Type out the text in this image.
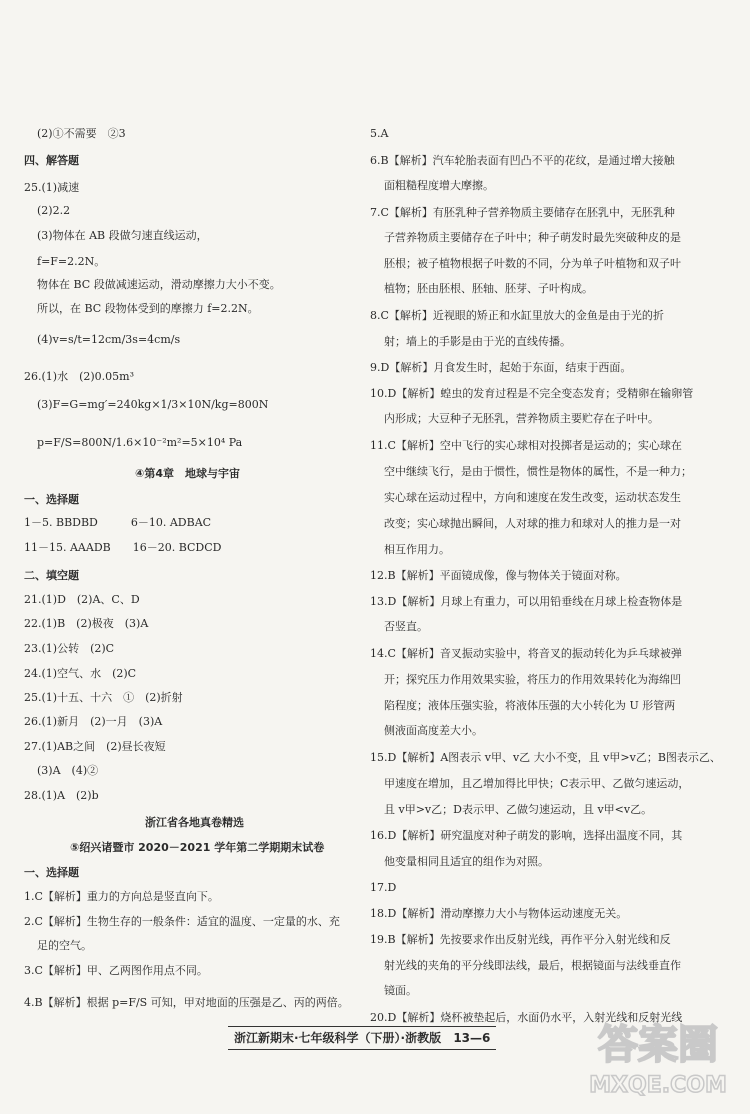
(2)①不需要　②3
四、解答题
25.(1)减速
(2)2.2
(3)物体在 AB 段做匀速直线运动，
f=F=2.2N。
物体在 BC 段做减速运动，滑动摩擦力大小不变。
所以，在 BC 段物体受到的摩擦力 f=2.2N。
(4)v=s/t=12cm/3s=4cm/s
26.(1)水　(2)0.05m³
(3)F=G=mg′=240kg×1/3×10N/kg=800N
p=F/S=800N/1.6×10⁻²m²=5×10⁴ Pa
④第4章　地球与宇宙
一、选择题
1－5. BBDBD　　　6－10. ADBAC
11－15. AAADB　　16－20. BCDCD
二、填空题
21.(1)D　(2)A、C、D
22.(1)B　(2)极夜　(3)A
23.(1)公转　(2)C
24.(1)空气、水　(2)C
25.(1)十五、十六　①　(2)折射
26.(1)新月　(2)一月　(3)A
27.(1)AB之间　(2)昼长夜短
(3)A　(4)②
28.(1)A　(2)b
浙江省各地真卷精选
⑤绍兴诸暨市 2020－2021 学年第二学期期末试卷
一、选择题
1.C【解析】重力的方向总是竖直向下。
2.C【解析】生物生存的一般条件：适宜的温度、一定量的水、充
足的空气。
3.C【解析】甲、乙两图作用点不同。
4.B【解析】根据 p=F/S 可知，甲对地面的压强是乙、丙的两倍。
5.A
6.B【解析】汽车轮胎表面有凹凸不平的花纹，是通过增大接触
面粗糙程度增大摩擦。
7.C【解析】有胚乳种子营养物质主要储存在胚乳中，无胚乳种
子营养物质主要储存在子叶中；种子萌发时最先突破种皮的是
胚根；被子植物根据子叶数的不同，分为单子叶植物和双子叶
植物；胚由胚根、胚轴、胚芽、子叶构成。
8.C【解析】近视眼的矫正和水缸里放大的金鱼是由于光的折
射；墙上的手影是由于光的直线传播。
9.D【解析】月食发生时，起始于东面，结束于西面。
10.D【解析】蝗虫的发育过程是不完全变态发育；受精卵在输卵管
内形成；大豆种子无胚乳，营养物质主要贮存在子叶中。
11.C【解析】空中飞行的实心球相对投掷者是运动的；实心球在
空中继续飞行，是由于惯性，惯性是物体的属性，不是一种力；
实心球在运动过程中，方向和速度在发生改变，运动状态发生
改变；实心球抛出瞬间，人对球的推力和球对人的推力是一对
相互作用力。
12.B【解析】平面镜成像，像与物体关于镜面对称。
13.D【解析】月球上有重力，可以用铅垂线在月球上检查物体是
否竖直。
14.C【解析】音叉振动实验中，将音叉的振动转化为乒乓球被弹
开；探究压力作用效果实验，将压力的作用效果转化为海绵凹
陷程度；液体压强实验，将液体压强的大小转化为 U 形管两
侧液面高度差大小。
15.D【解析】A图表示 v甲、v乙 大小不变，且 v甲>v乙；B图表示乙、
甲速度在增加，且乙增加得比甲快；C表示甲、乙做匀速运动，
且 v甲>v乙；D表示甲、乙做匀速运动，且 v甲<v乙。
16.D【解析】研究温度对种子萌发的影响，选择出温度不同，其
他变量相同且适宜的组作为对照。
17.D
18.D【解析】滑动摩擦力大小与物体运动速度无关。
19.B【解析】先按要求作出反射光线，再作平分入射光线和反
射光线的夹角的平分线即法线，最后，根据镜面与法线垂直作
镜面。
20.D【解析】烧杯被垫起后，水面仍水平，入射光线和反射光线
浙江新期末·七年级科学（下册）·浙教版 13—6	答案圈
MXQE.COM
